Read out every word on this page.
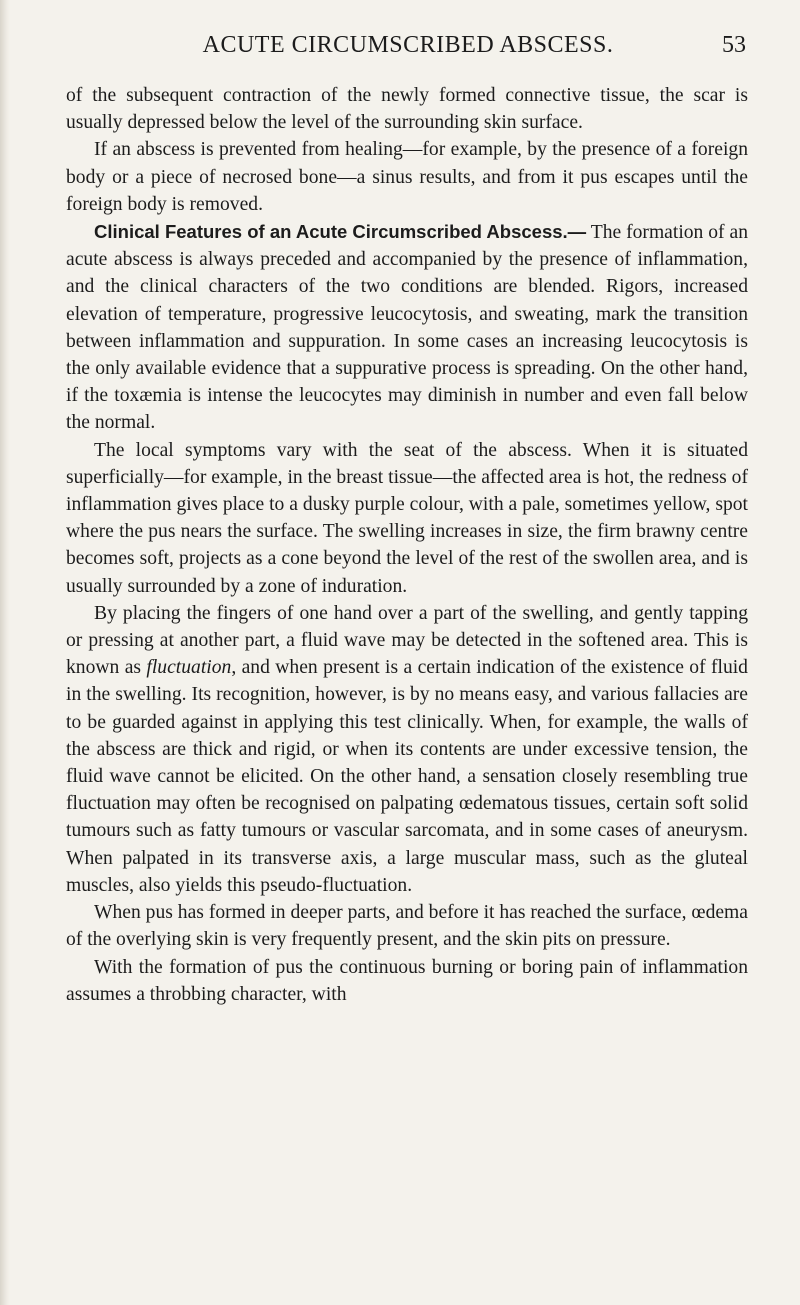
ACUTE CIRCUMSCRIBED ABSCESS.	53

of the subsequent contraction of the newly formed connective tissue, the scar is usually depressed below the level of the surrounding skin surface.

If an abscess is prevented from healing—for example, by the presence of a foreign body or a piece of necrosed bone—a sinus results, and from it pus escapes until the foreign body is removed.

Clinical Features of an Acute Circumscribed Abscess.— The formation of an acute abscess is always preceded and accompanied by the presence of inflammation, and the clinical characters of the two conditions are blended. Rigors, increased elevation of temperature, progressive leucocytosis, and sweating, mark the transition between inflammation and suppuration. In some cases an increasing leucocytosis is the only available evidence that a suppurative process is spreading. On the other hand, if the toxæmia is intense the leucocytes may diminish in number and even fall below the normal.

The local symptoms vary with the seat of the abscess. When it is situated superficially—for example, in the breast tissue—the affected area is hot, the redness of inflammation gives place to a dusky purple colour, with a pale, sometimes yellow, spot where the pus nears the surface. The swelling increases in size, the firm brawny centre becomes soft, projects as a cone beyond the level of the rest of the swollen area, and is usually surrounded by a zone of induration.

By placing the fingers of one hand over a part of the swelling, and gently tapping or pressing at another part, a fluid wave may be detected in the softened area. This is known as fluctuation, and when present is a certain indication of the existence of fluid in the swelling. Its recognition, however, is by no means easy, and various fallacies are to be guarded against in applying this test clinically. When, for example, the walls of the abscess are thick and rigid, or when its contents are under excessive tension, the fluid wave cannot be elicited. On the other hand, a sensation closely resembling true fluctuation may often be recognised on palpating œdematous tissues, certain soft solid tumours such as fatty tumours or vascular sarcomata, and in some cases of aneurysm. When palpated in its transverse axis, a large muscular mass, such as the gluteal muscles, also yields this pseudo-fluctuation.

When pus has formed in deeper parts, and before it has reached the surface, œdema of the overlying skin is very frequently present, and the skin pits on pressure.

With the formation of pus the continuous burning or boring pain of inflammation assumes a throbbing character, with
